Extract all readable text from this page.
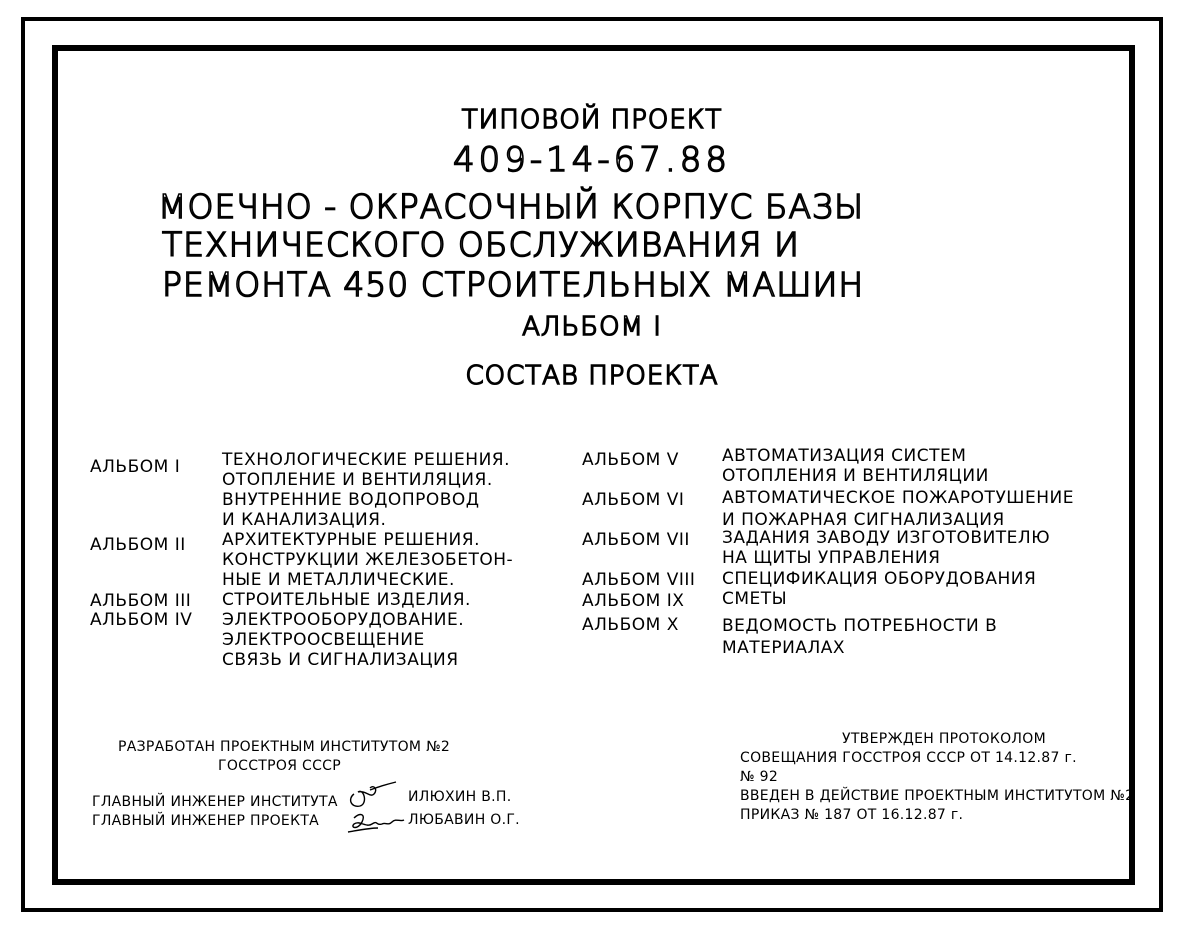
ТИПОВОЙ ПРОЕКТ
409-14-67.88
МОЕЧНО - ОКРАСОЧНЫЙ КОРПУС БАЗЫ
ТЕХНИЧЕСКОГО ОБСЛУЖИВАНИЯ И
РЕМОНТА 450 СТРОИТЕЛЬНЫХ МАШИН
АЛЬБОМ I
СОСТАВ ПРОЕКТА
АЛЬБОМ I ТЕХНОЛОГИЧЕСКИЕ РЕШЕНИЯ.
ОТОПЛЕНИЕ И ВЕНТИЛЯЦИЯ.
ВНУТРЕННИЕ ВОДОПРОВОД
И КАНАЛИЗАЦИЯ.
АЛЬБОМ II АРХИТЕКТУРНЫЕ РЕШЕНИЯ.
КОНСТРУКЦИИ ЖЕЛЕЗОБЕТОН-
НЫЕ И МЕТАЛЛИЧЕСКИЕ.
АЛЬБОМ III СТРОИТЕЛЬНЫЕ ИЗДЕЛИЯ.
АЛЬБОМ IV ЭЛЕКТРООБОРУДОВАНИЕ.
ЭЛЕКТРООСВЕЩЕНИЕ
СВЯЗЬ И СИГНАЛИЗАЦИЯ
АЛЬБОМ V	АВТОМАТИЗАЦИЯ СИСТЕМ
ОТОПЛЕНИЯ И ВЕНТИЛЯЦИИ
АЛЬБОМ VI АВТОМАТИЧЕСКОЕ ПОЖАРОТУШЕНИЕ
И ПОЖАРНАЯ СИГНАЛИЗАЦИЯ
АЛЬБОМ VII ЗАДАНИЯ ЗАВОДУ ИЗГОТОВИТЕЛЮ
НА ЩИТЫ УПРАВЛЕНИЯ
АЛЬБОМ VIII СПЕЦИФИКАЦИЯ ОБОРУДОВАНИЯ
АЛЬБОМ IX СМЕТЫ
АЛЬБОМ X	ВЕДОМОСТЬ ПОТРЕБНОСТИ В
МАТЕРИАЛАХ
РАЗРАБОТАН ПРОЕКТНЫМ ИНСТИТУТОМ №2
ГОССТРОЯ СССР
ГЛАВНЫЙ ИНЖЕНЕР ИНСТИТУТА
ГЛАВНЫЙ ИНЖЕНЕР ПРОЕКТА
ИЛЮХИН В.П.
ЛЮБАВИН О.Г.
УТВЕРЖДЕН ПРОТОКОЛОМ
СОВЕЩАНИЯ ГОССТРОЯ СССР ОТ 14.12.87 г.
№ 92
ВВЕДЕН В ДЕЙСТВИЕ ПРОЕКТНЫМ ИНСТИТУТОМ №2
ПРИКАЗ № 187 ОТ 16.12.87 г.
